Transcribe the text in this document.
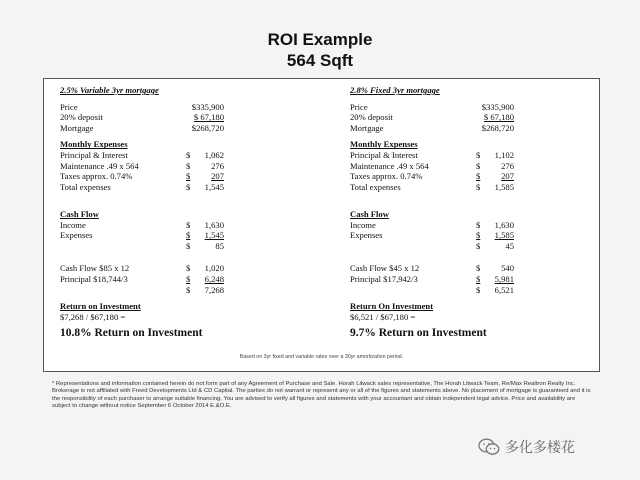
ROI Example
564 Sqft
2.5% Variable 3yr mortgage
Price	$335,900
20% deposit	$ 67,180
Mortgage	$268,720
Monthly Expenses
Principal & Interest	$ 1,062
Maintenance .49 x 564	$ 276
Taxes approx. 0.74%	$ 207
Total expenses	$ 1,545
Cash Flow
Income	$ 1,630
Expenses	$ 1,545
$	85
Cash Flow $85 x 12	$ 1,020
Principal $18,744/3	$ 6,248
$ 7,268
Return on Investment
$7,268 / $67,180 =
10.8% Return on Investment
2.8% Fixed 3yr mortgage
Price	$335,900
20% deposit	$ 67,180
Mortgage	$268,720
Monthly Expenses
Principal & Interest	$ 1,102
Maintenance .49 x 564	$ 276
Taxes approx. 0.74%	$ 207
Total expenses	$ 1,585
Cash Flow
Income	$ 1,630
Expenses	$ 1,585
$	45
Cash Flow $45 x 12	$ 540
Principal $17,942/3	$ 5,981
$ 6,521
Return On Investment
$6,521 / $67,180 =
9.7% Return on Investment
Based on 3yr fixed and variable rates over a 30yr amortization period.
* Representations and information contained herein do not form part of any Agreement of Purchase and Sale. Horah Litwack sales representative, The Horah Litwack Team, Re/Max Realtron Realty Inc. Brokerage is not affiliated with Freed Developments Ltd & CD Capital. The parties do not warrant or represent any or all of the figures and statements above. No placement of mortgage is guaranteed and it is the responsibility of each purchaser to arrange suitable financing. You are advised to verify all figures and statements with your accountant and obtain independent legal advice. Price and availability are subject to change without notice September 6 October 2014 E.&O.E.
多化多楼花
